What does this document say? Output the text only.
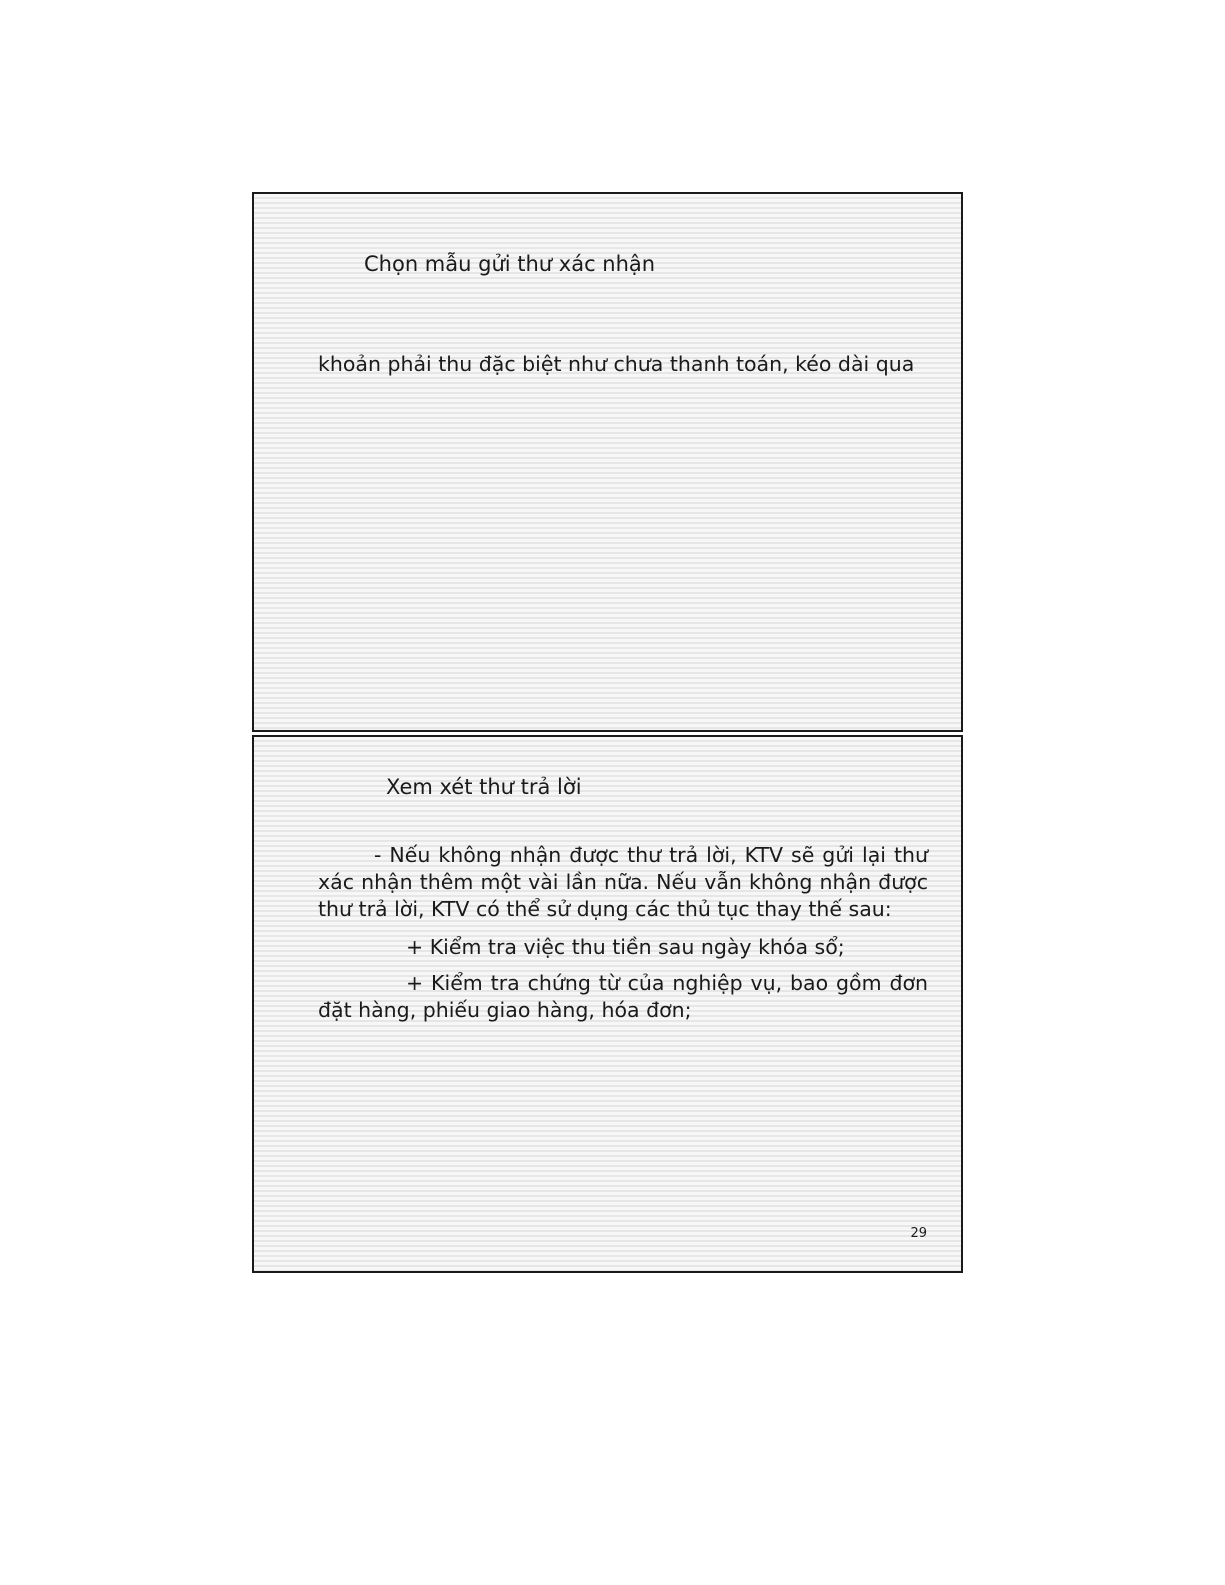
Chọn mẫu gửi thư xác nhận
khoản phải thu đặc biệt như chưa thanh toán, kéo dài qua
Xem xét thư trả lời

- Nếu không nhận được thư trả lời, KTV sẽ gửi lại thư xác nhận thêm một vài lần nữa. Nếu vẫn không nhận được thư trả lời, KTV có thể sử dụng các thủ tục thay thế sau:

+ Kiểm tra việc thu tiền sau ngày khóa sổ;

+ Kiểm tra chứng từ của nghiệp vụ, bao gồm đơn đặt hàng, phiếu giao hàng, hóa đơn;

29
